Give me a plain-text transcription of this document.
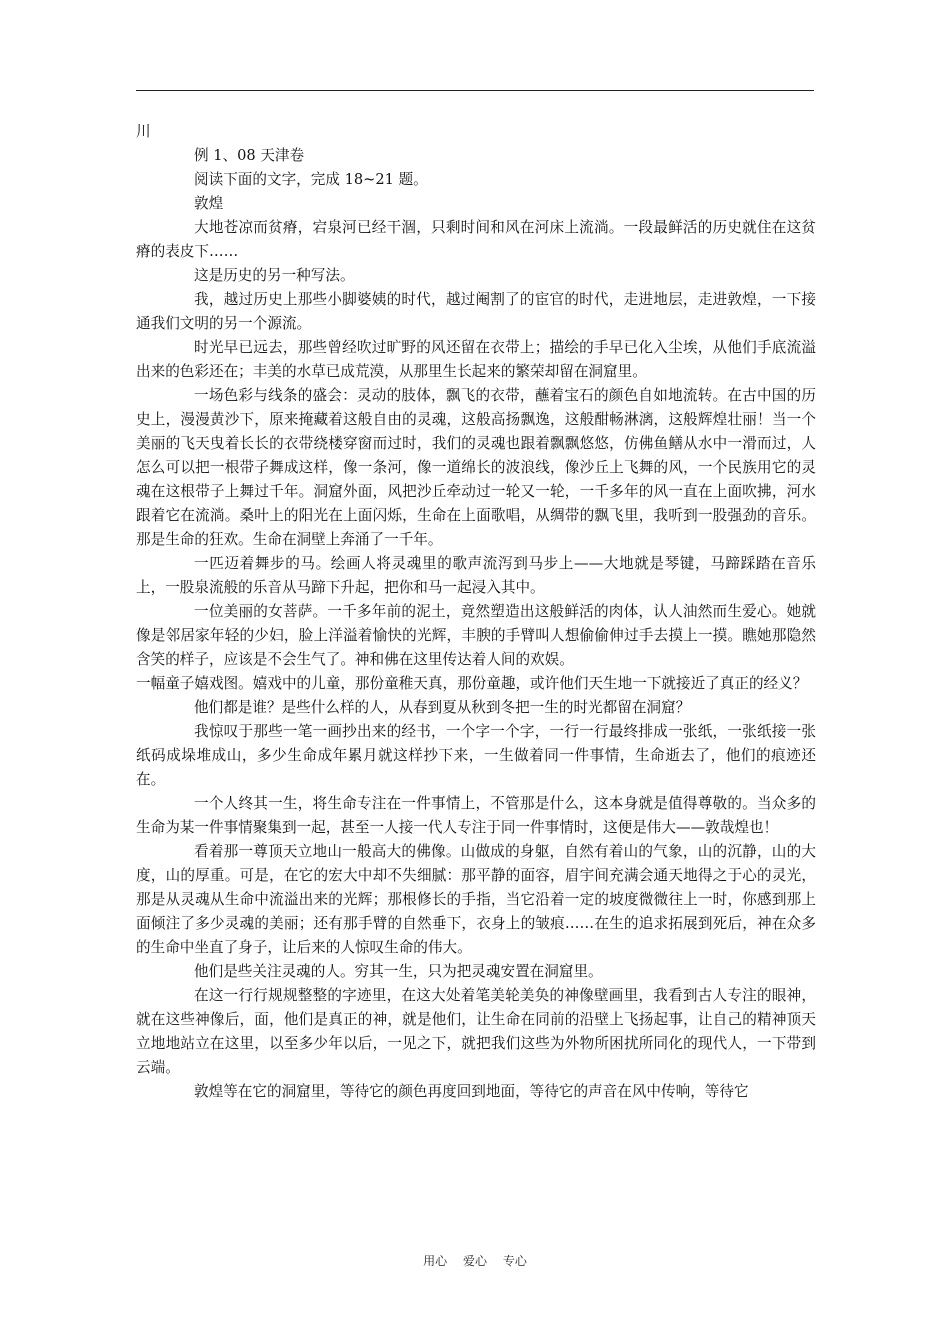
川

例 1、08 天津卷

阅读下面的文字，完成 18~21 题。

敦煌

大地苍凉而贫瘠，宕泉河已经干涸，只剩时间和风在河床上流淌。一段最鲜活的历史就住在这贫瘠的表皮下……

这是历史的另一种写法。

我，越过历史上那些小脚婆姨的时代，越过阉割了的宦官的时代，走进地层，走进敦煌，一下接通我们文明的另一个源流。

时光早已远去，那些曾经吹过旷野的风还留在衣带上；描绘的手早已化入尘埃，从他们手底流溢出来的色彩还在；丰美的水草已成荒漠，从那里生长起来的繁荣却留在洞窟里。

一场色彩与线条的盛会：灵动的肢体，飘飞的衣带，蘸着宝石的颜色自如地流转。在古中国的历史上，漫漫黄沙下，原来掩藏着这般自由的灵魂，这般高扬飘逸，这般酣畅淋漓，这般辉煌壮丽！当一个美丽的飞天曳着长长的衣带绕楼穿窗而过时，我们的灵魂也跟着飘飘悠悠，仿佛鱼鳝从水中一滑而过，人怎么可以把一根带子舞成这样，像一条河，像一道绵长的波浪线，像沙丘上飞舞的风，一个民族用它的灵魂在这根带子上舞过千年。洞窟外面，风把沙丘牵动过一轮又一轮，一千多年的风一直在上面吹拂，河水跟着它在流淌。桑叶上的阳光在上面闪烁，生命在上面歌唱，从绸带的飘飞里，我听到一股强劲的音乐。那是生命的狂欢。生命在洞壁上奔涌了一千年。

一匹迈着舞步的马。绘画人将灵魂里的歌声流泻到马步上——大地就是琴键，马蹄踩踏在音乐上，一股泉流般的乐音从马蹄下升起，把你和马一起浸入其中。

一位美丽的女菩萨。一千多年前的泥土，竟然塑造出这般鲜活的肉体，认人油然而生爱心。她就像是邻居家年轻的少妇，脸上洋溢着愉快的光辉，丰腴的手臂叫人想偷偷伸过手去摸上一摸。瞧她那隐然含笑的样子，应该是不会生气了。神和佛在这里传达着人间的欢娱。

一幅童子嬉戏图。嬉戏中的儿童，那份童稚天真，那份童趣，或许他们天生地一下就接近了真正的经义？

他们都是谁？是些什么样的人，从春到夏从秋到冬把一生的时光都留在洞窟？

我惊叹于那些一笔一画抄出来的经书，一个字一个字，一行一行最终排成一张纸，一张纸接一张纸码成垛堆成山，多少生命成年累月就这样抄下来，一生做着同一件事情，生命逝去了，他们的痕迹还在。

一个人终其一生，将生命专注在一件事情上，不管那是什么，这本身就是值得尊敬的。当众多的生命为某一件事情聚集到一起，甚至一人接一代人专注于同一件事情时，这便是伟大——敦哉煌也！

看着那一尊顶天立地山一般高大的佛像。山做成的身躯，自然有着山的气象，山的沉静，山的大度，山的厚重。可是，在它的宏大中却不失细腻：那平静的面容，眉宇间充满会通天地得之于心的灵光，那是从灵魂从生命中流溢出来的光辉；那根修长的手指，当它沿着一定的坡度微微往上一时，你感到那上面倾注了多少灵魂的美丽；还有那手臂的自然垂下，衣身上的皱痕……在生的追求拓展到死后，神在众多的生命中坐直了身子，让后来的人惊叹生命的伟大。

他们是些关注灵魂的人。穷其一生，只为把灵魂安置在洞窟里。

在这一行行规规整整的字迹里，在这大处着笔美轮美奂的神像壁画里，我看到古人专注的眼神，就在这些神像后，面，他们是真正的神，就是他们，让生命在同前的沿壁上飞扬起事，让自己的精神顶天立地地站立在这里，以至多少年以后，一见之下，就把我们这些为外物所困扰所同化的现代人，一下带到云端。

敦煌等在它的洞窟里，等待它的颜色再度回到地面，等待它的声音在风中传响，等待它

用心 爱心 专心
